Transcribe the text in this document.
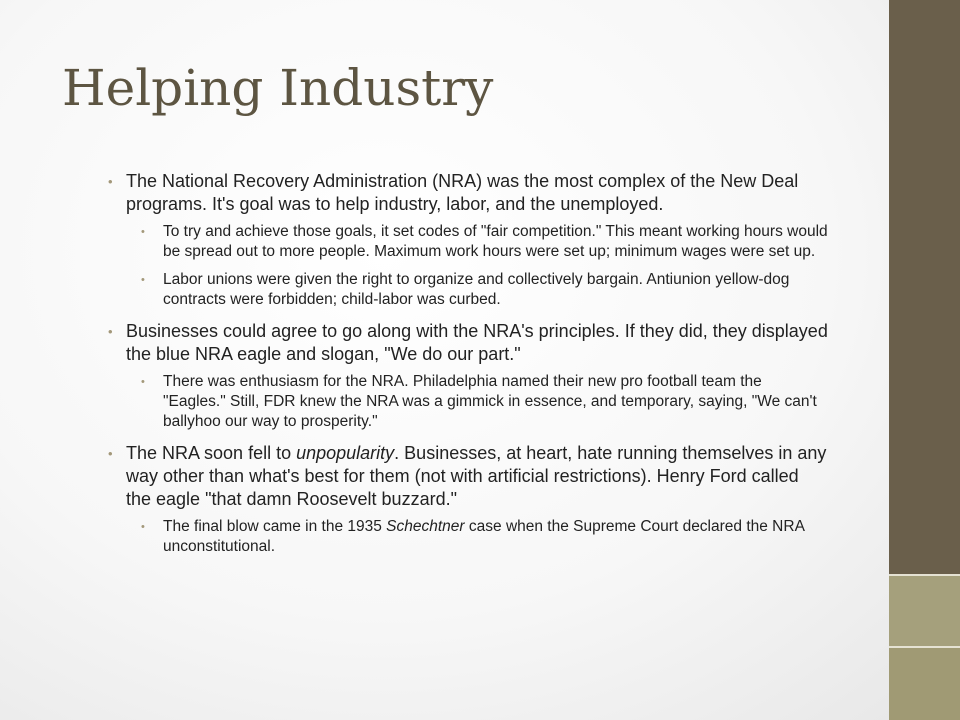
Helping Industry
• The National Recovery Administration (NRA) was the most complex of the New Deal programs. It's goal was to help industry, labor, and the unemployed.
• To try and achieve those goals, it set codes of "fair competition." This meant working hours would be spread out to more people. Maximum work hours were set up; minimum wages were set up.
• Labor unions were given the right to organize and collectively bargain. Antiunion yellow-dog contracts were forbidden; child-labor was curbed.
• Businesses could agree to go along with the NRA's principles. If they did, they displayed the blue NRA eagle and slogan, "We do our part."
• There was enthusiasm for the NRA. Philadelphia named their new pro football team the "Eagles." Still, FDR knew the NRA was a gimmick in essence, and temporary, saying, "We can't ballyhoo our way to prosperity."
• The NRA soon fell to unpopularity. Businesses, at heart, hate running themselves in any way other than what's best for them (not with artificial restrictions). Henry Ford called the eagle "that damn Roosevelt buzzard."
• The final blow came in the 1935 Schechtner case when the Supreme Court declared the NRA unconstitutional.
